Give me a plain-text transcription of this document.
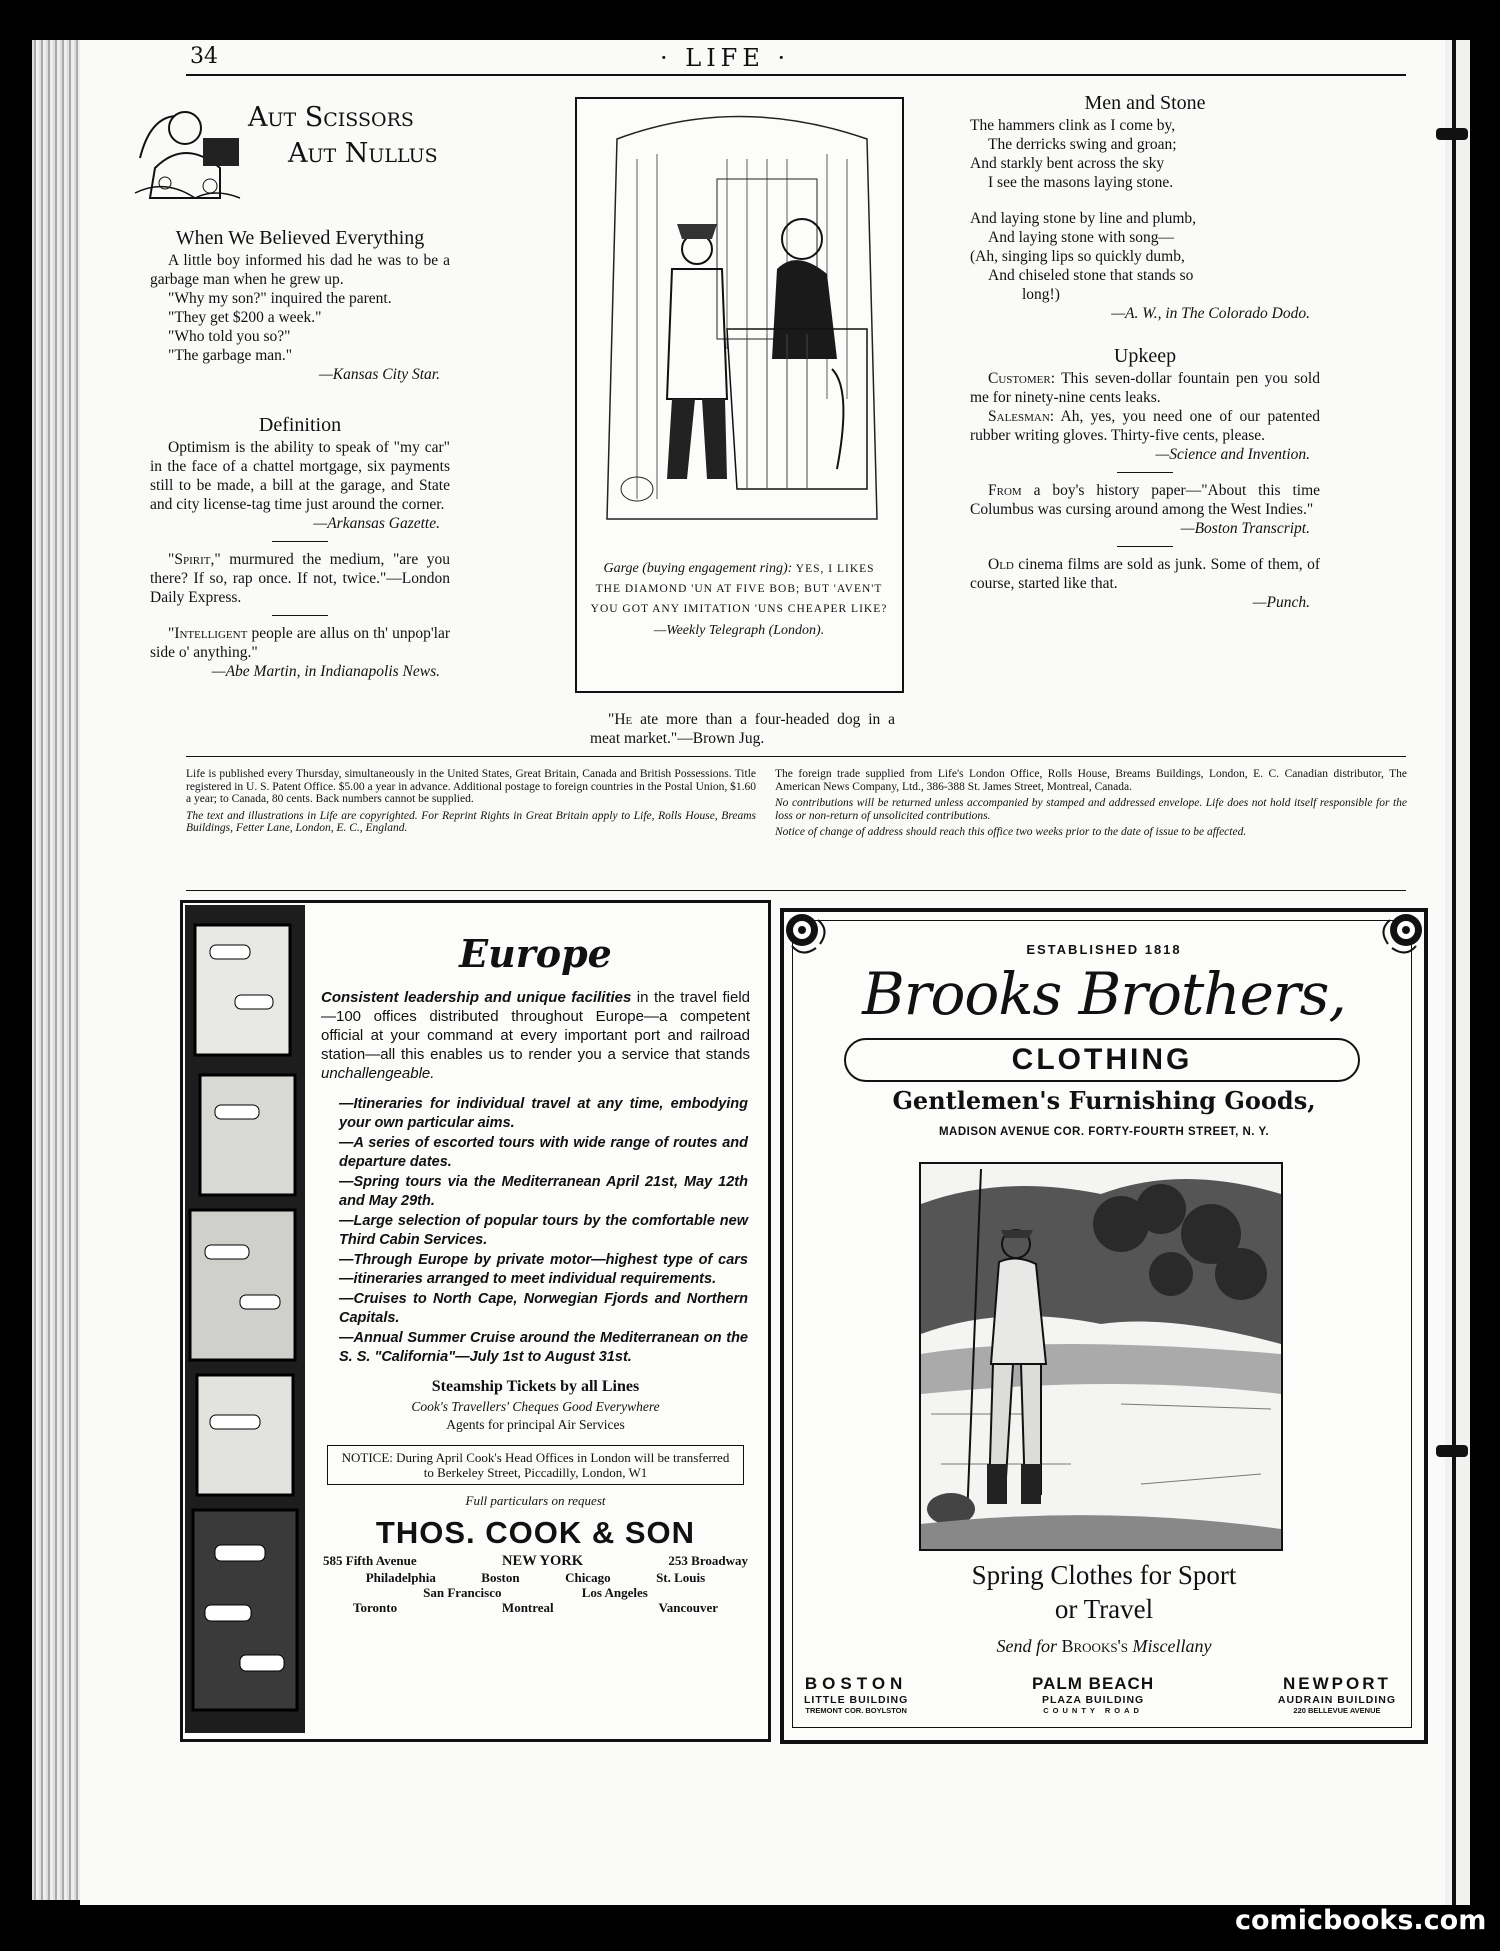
34	· LIFE ·
Aut Scissors
Aut Nullus
When We Believed Everything

A little boy informed his dad he was to be a garbage man when he grew up.

"Why my son?" inquired the parent.

"They get $200 a week."

"Who told you so?"

"The garbage man."

—Kansas City Star.

Definition

Optimism is the ability to speak of "my car" in the face of a chattel mortgage, six payments still to be made, a bill at the garage, and State and city license-tag time just around the corner.

—Arkansas Gazette.

"Spirit," murmured the medium, "are you there? If so, rap once. If not, twice."—London Daily Express.

"Intelligent people are allus on th' unpop'lar side o' anything."

—Abe Martin, in Indianapolis News.

Garge (buying engagement ring): YES, I LIKES THE DIAMOND 'UN AT FIVE BOB; BUT 'AVEN'T YOU GOT ANY IMITATION 'UNS CHEAPER LIKE?
—Weekly Telegraph (London).

"He ate more than a four-headed dog in a meat market."—Brown Jug.

Men and Stone
The hammers clink as I come by,
The derricks swing and groan;
And starkly bent across the sky
I see the masons laying stone.
And laying stone by line and plumb,
And laying stone with song—
(Ah, singing lips so quickly dumb,
And chiseled stone that stands so
long!)

—A. W., in The Colorado Dodo.

Upkeep

Customer: This seven-dollar fountain pen you sold me for ninety-nine cents leaks.

Salesman: Ah, yes, you need one of our patented rubber writing gloves. Thirty-five cents, please.

—Science and Invention.

From a boy's history paper—"About this time Columbus was cursing around among the West Indies."

—Boston Transcript.

Old cinema films are sold as junk. Some of them, of course, started like that.

—Punch.

Life is published every Thursday, simultaneously in the United States, Great Britain, Canada and British Possessions. Title registered in U. S. Patent Office. $5.00 a year in advance. Additional postage to foreign countries in the Postal Union, $1.60 a year; to Canada, 80 cents. Back numbers cannot be supplied.

The text and illustrations in Life are copyrighted. For Reprint Rights in Great Britain apply to Life, Rolls House, Breams Buildings, Fetter Lane, London, E. C., England.

The foreign trade supplied from Life's London Office, Rolls House, Breams Buildings, London, E. C. Canadian distributor, The American News Company, Ltd., 386-388 St. James Street, Montreal, Canada.

No contributions will be returned unless accompanied by stamped and addressed envelope. Life does not hold itself responsible for the loss or non-return of unsolicited contributions.

Notice of change of address should reach this office two weeks prior to the date of issue to be affected.

Europe
Consistent leadership and unique facilities in the travel field—100 offices distributed throughout Europe—a competent official at your command at every important port and railroad station—all this enables us to render you a service that stands unchallengeable.
—Itineraries for individual travel at any time, embodying your own particular aims.
—A series of escorted tours with wide range of routes and departure dates.
—Spring tours via the Mediterranean April 21st, May 12th and May 29th.
—Large selection of popular tours by the comfortable new Third Cabin Services.
—Through Europe by private motor—highest type of cars—itineraries arranged to meet individual requirements.
—Cruises to North Cape, Norwegian Fjords and Northern Capitals.
—Annual Summer Cruise around the Mediterranean on the S. S. "California"—July 1st to August 31st.
Steamship Tickets by all Lines
Cook's Travellers' Cheques Good Everywhere
Agents for principal Air Services
NOTICE: During April Cook's Head Offices in London will be transferred to Berkeley Street, Piccadilly, London, W1
Full particulars on request
THOS. COOK & SON
585 Fifth Avenue	NEW YORK	253 Broadway
Philadelphia	Boston	Chicago	St. Louis
San Francisco	Los Angeles
Toronto	Montreal	Vancouver
ESTABLISHED 1818
Brooks Brothers,
CLOTHING
Gentlemen's Furnishing Goods,
MADISON AVENUE COR. FORTY-FOURTH STREET, N. Y.
Spring Clothes for Sport
or Travel
Send for Brooks's Miscellany
BOSTON
LITTLE BUILDING
TREMONT COR. BOYLSTON
PALM BEACH
PLAZA BUILDING
COUNTY ROAD
NEWPORT
AUDRAIN BUILDING
220 BELLEVUE AVENUE
comicbooks.com
